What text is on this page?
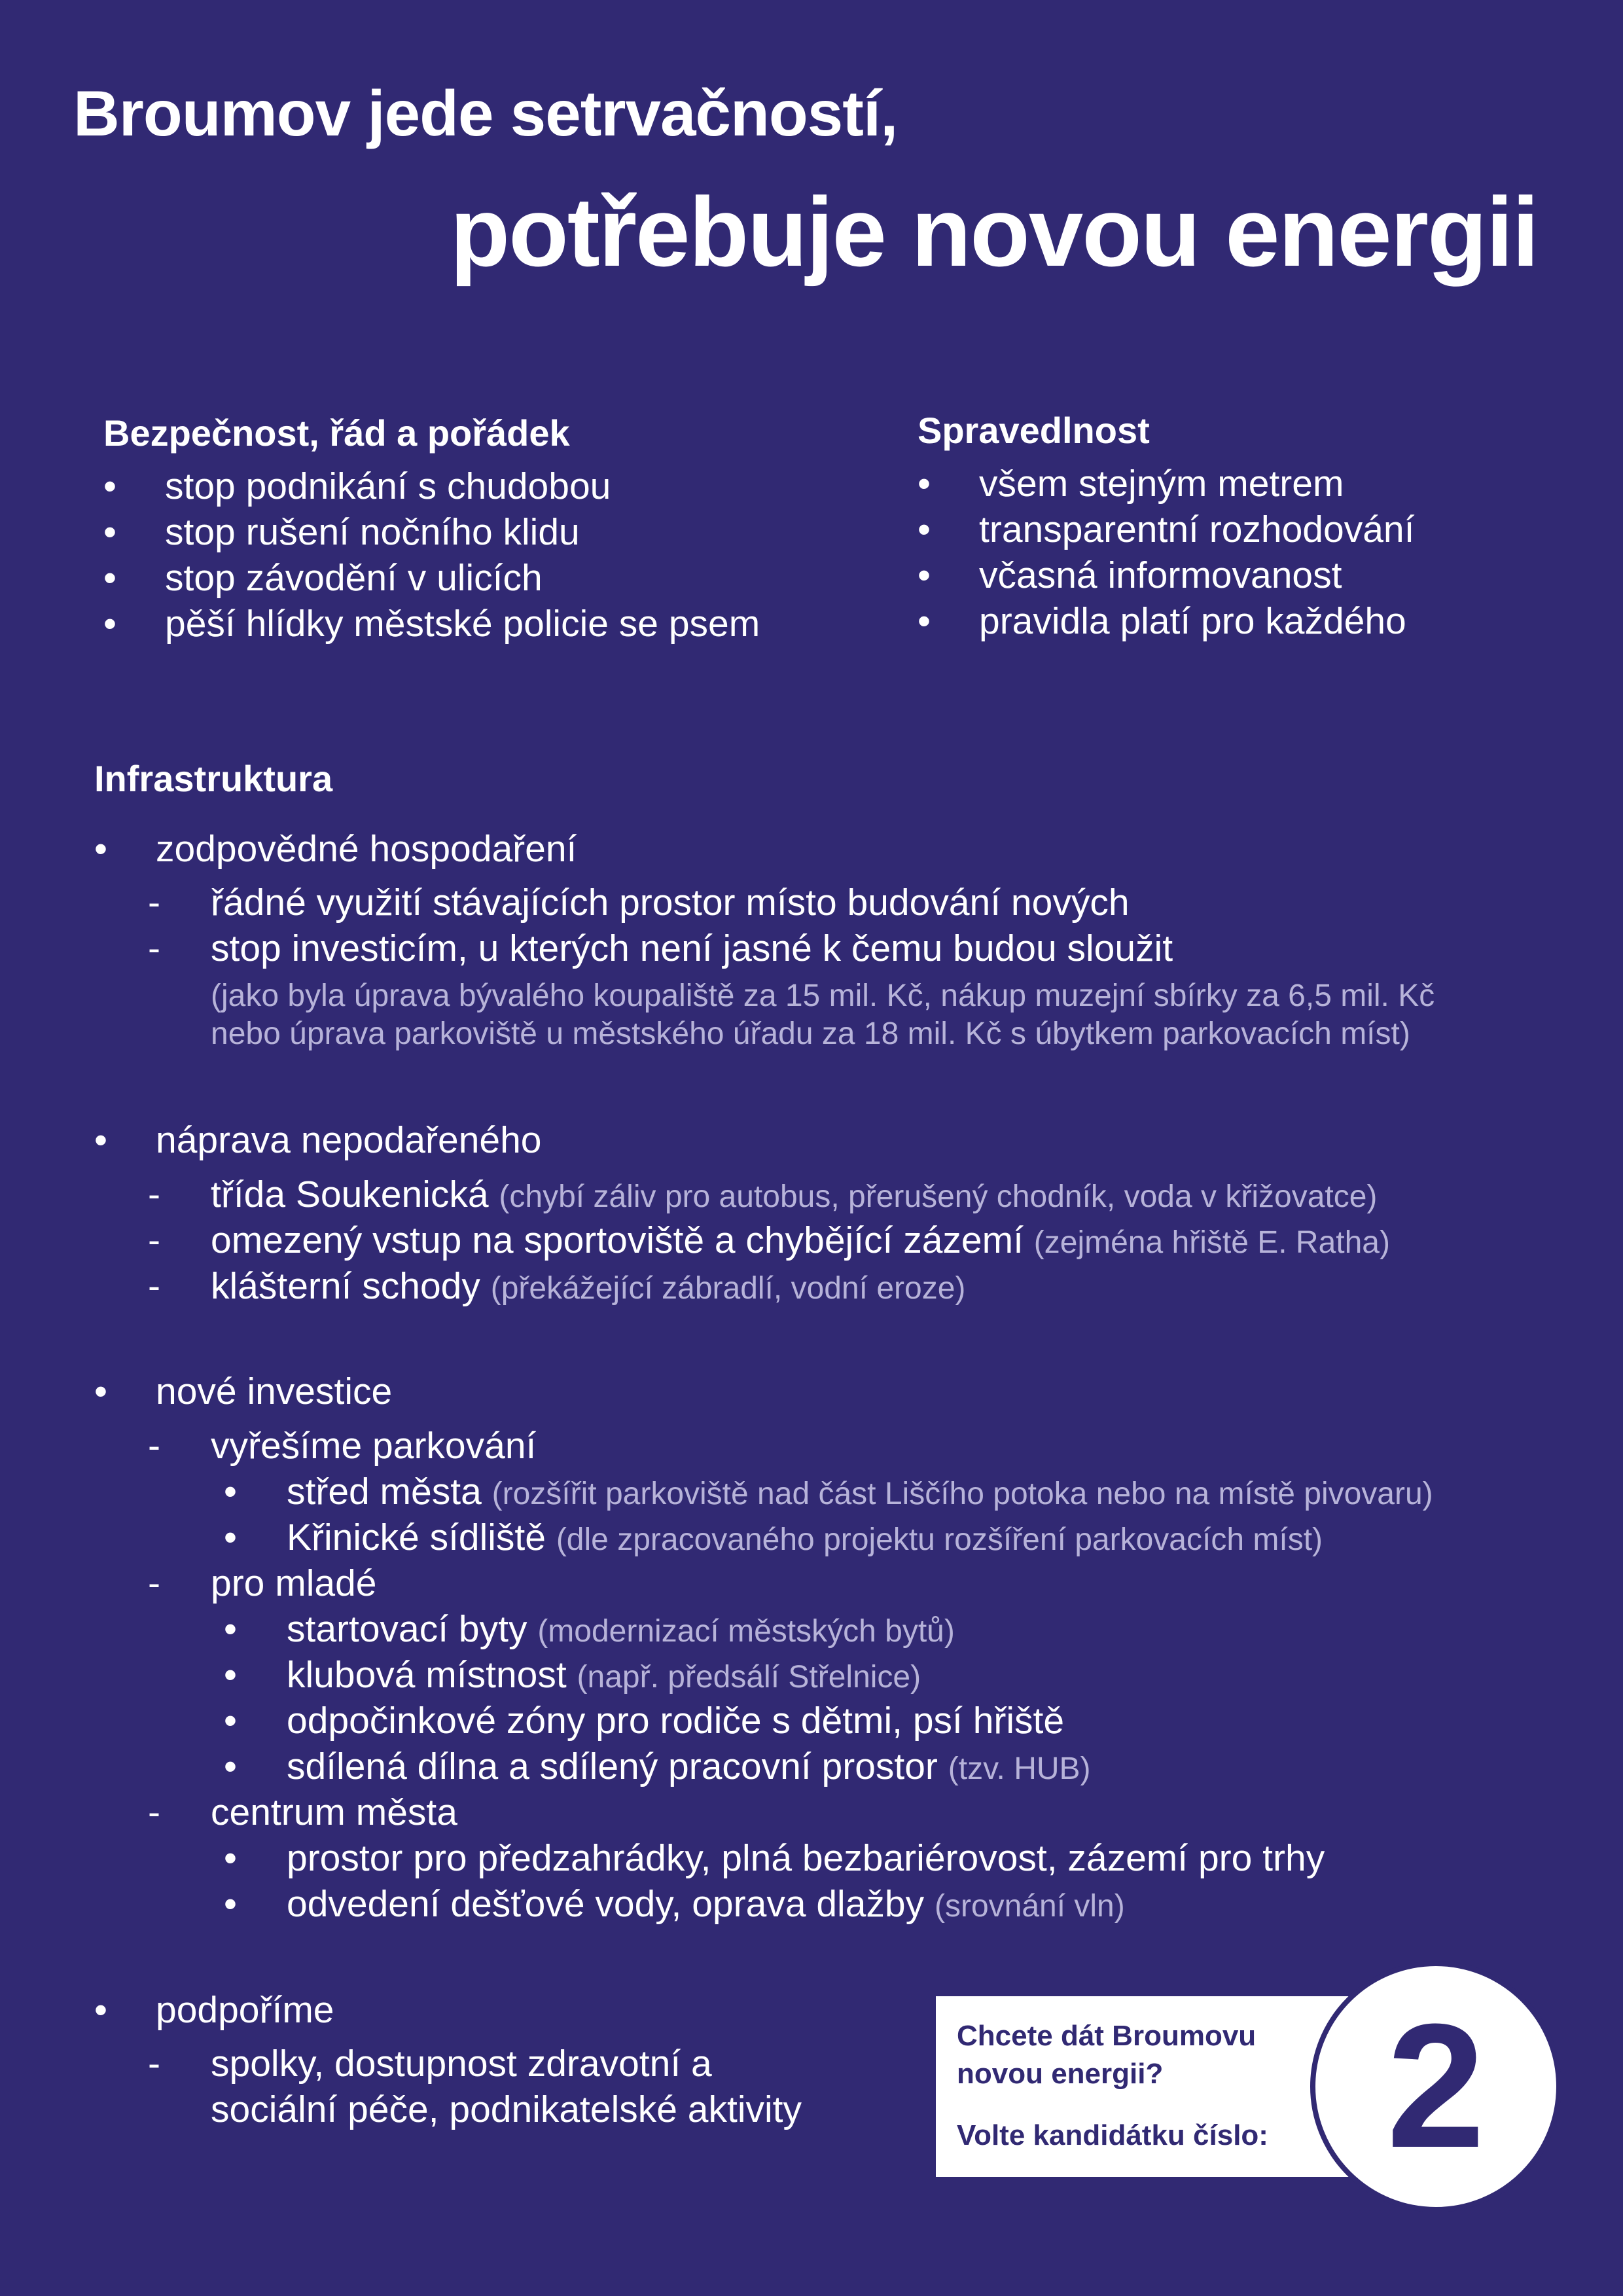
Broumov jede setrvačností,
potřebuje novou energii
Bezpečnost, řád a pořádek
• stop podnikání s chudobou
• stop rušení nočního klidu
• stop závodění v ulicích
• pěší hlídky městské policie se psem
Spravedlnost
• všem stejným metrem
• transparentní rozhodování
• včasná informovanost
• pravidla platí pro každého
Infrastruktura
• zodpovědné hospodaření
- řádné využití stávajících prostor místo budování nových
- stop investicím, u kterých není jasné k čemu budou sloužit
(jako byla úprava bývalého koupaliště za 15 mil. Kč, nákup muzejní sbírky za 6,5 mil. Kč
nebo úprava parkoviště u městského úřadu za 18 mil. Kč s úbytkem parkovacích míst)
• náprava nepodařeného
- třída Soukenická (chybí záliv pro autobus, přerušený chodník, voda v křižovatce)
- omezený vstup na sportoviště a chybějící zázemí (zejména hřiště E. Ratha)
- klášterní schody (překážející zábradlí, vodní eroze)
• nové investice
- vyřešíme parkování
• střed města (rozšířit parkoviště nad část Liščího potoka nebo na místě pivovaru)
• Křinické sídliště (dle zpracovaného projektu rozšíření parkovacích míst)
- pro mladé
• startovací byty (modernizací městských bytů)
• klubová místnost (např. předsálí Střelnice)
• odpočinkové zóny pro rodiče s dětmi, psí hřiště
• sdílená dílna a sdílený pracovní prostor (tzv. HUB)
- centrum města
• prostor pro předzahrádky, plná bezbariérovost, zázemí pro trhy
• odvedení dešťové vody, oprava dlažby (srovnání vln)
• podpoříme
- spolky, dostupnost zdravotní a
sociální péče, podnikatelské aktivity
Chcete dát Broumovu
novou energii?
Volte kandidátku číslo: 2
